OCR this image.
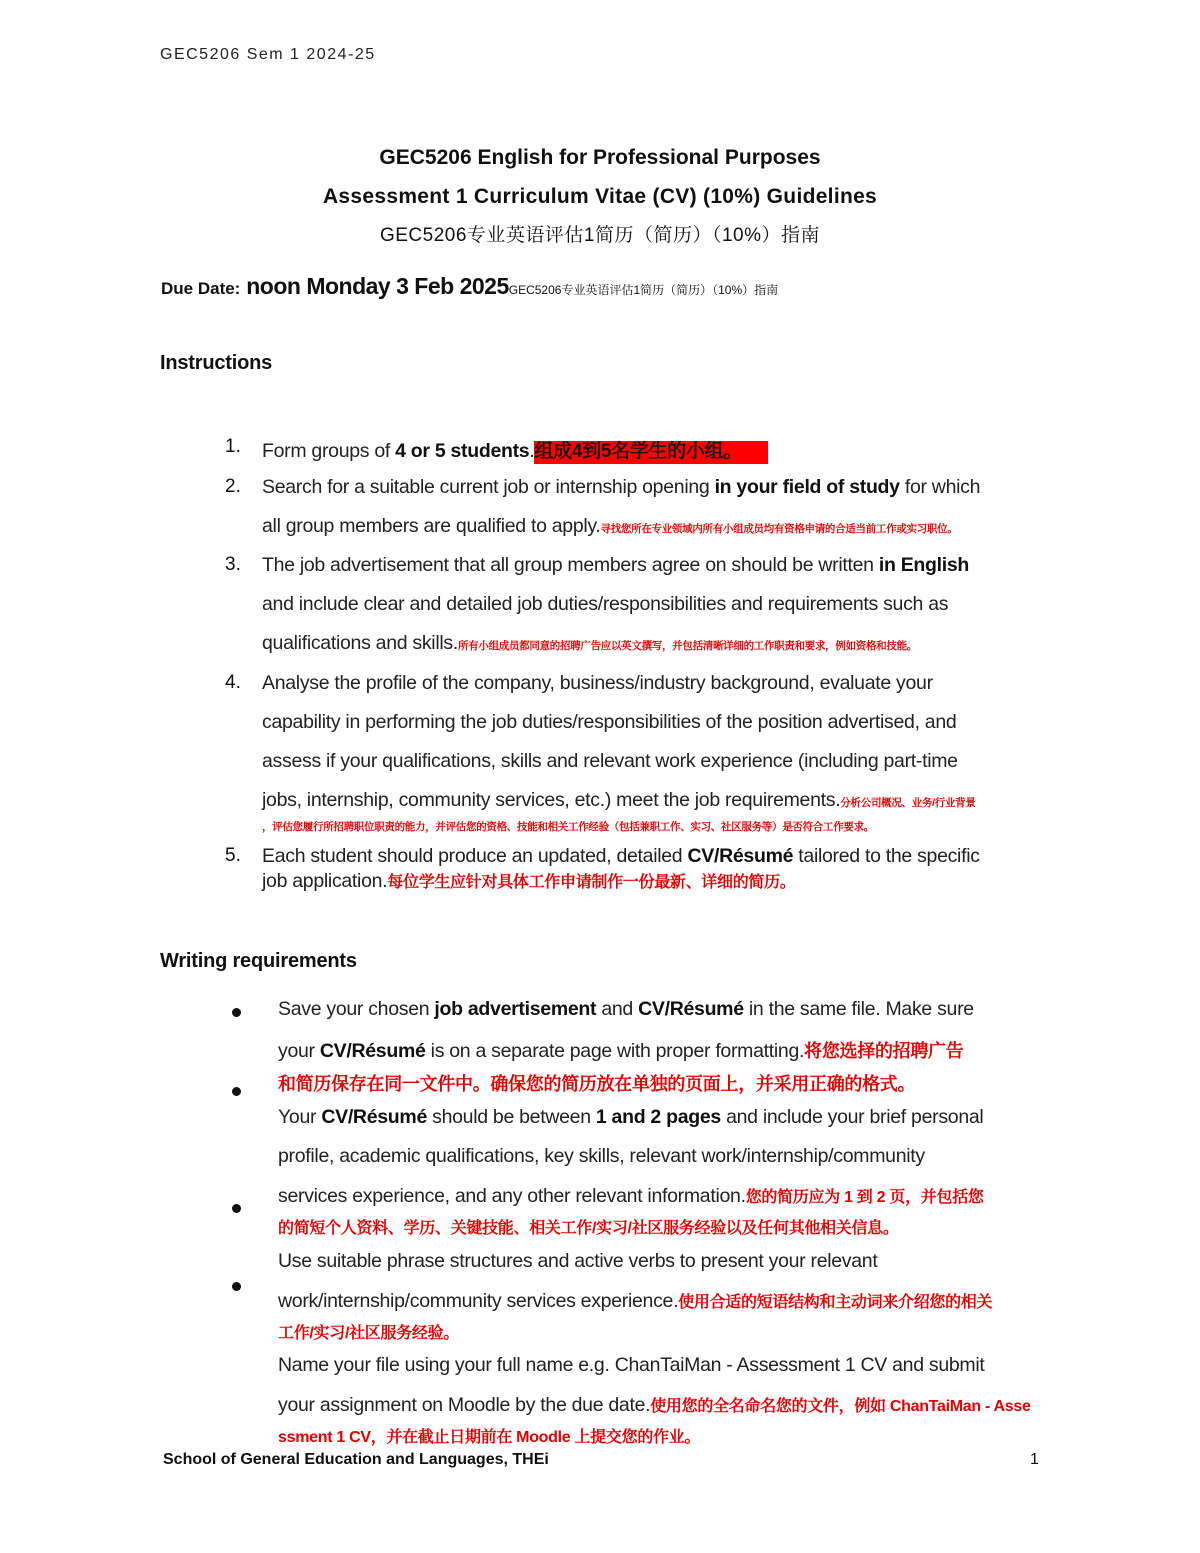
GEC5206 Sem 1 2024-25
GEC5206 English for Professional Purposes
Assessment 1 Curriculum Vitae (CV) (10%) Guidelines
GEC5206专业英语评估1简历（简历）（10%）指南
Due Date: noon Monday 3 Feb 2025GEC5206专业英语评估1简历（简历）（10%）指南
Instructions
1. Form groups of 4 or 5 students.组成4到5名学生的小组。
2. Search for a suitable current job or internship opening in your field of study for which
all group members are qualified to apply.寻找您所在专业领域内所有小组成员均有资格申请的合适当前工作或实习职位。
3. The job advertisement that all group members agree on should be written in English
and include clear and detailed job duties/responsibilities and requirements such as
qualifications and skills.所有小组成员都同意的招聘广告应以英文撰写，并包括清晰详细的工作职责和要求，例如资格和技能。
4. Analyse the profile of the company, business/industry background, evaluate your
capability in performing the job duties/responsibilities of the position advertised, and
assess if your qualifications, skills and relevant work experience (including part-time
jobs, internship, community services, etc.) meet the job requirements.分析公司概况、业务/行业背景
，评估您履行所招聘职位职责的能力，并评估您的资格、技能和相关工作经验（包括兼职工作、实习、社区服务等）是否符合工作要求。
5. Each student should produce an updated, detailed CV/Résumé tailored to the specific
job application.每位学生应针对具体工作申请制作一份最新、详细的简历。
Writing requirements
Save your chosen job advertisement and CV/Résumé in the same file. Make sure
your CV/Résumé is on a separate page with proper formatting.将您选择的招聘广告
和简历保存在同一文件中。确保您的简历放在单独的页面上，并采用正确的格式。
Your CV/Résumé should be between 1 and 2 pages and include your brief personal
profile, academic qualifications, key skills, relevant work/internship/community
services experience, and any other relevant information.您的简历应为 1 到 2 页，并包括您
的简短个人资料、学历、关键技能、相关工作/实习/社区服务经验以及任何其他相关信息。
Use suitable phrase structures and active verbs to present your relevant
work/internship/community services experience.使用合适的短语结构和主动词来介绍您的相关
工作/实习/社区服务经验。
Name your file using your full name e.g. ChanTaiMan - Assessment 1 CV and submit
your assignment on Moodle by the due date.使用您的全名命名您的文件，例如 ChanTaiMan - Asse
ssment 1 CV，并在截止日期前在 Moodle 上提交您的作业。
School of General Education and Languages, THEi	1
